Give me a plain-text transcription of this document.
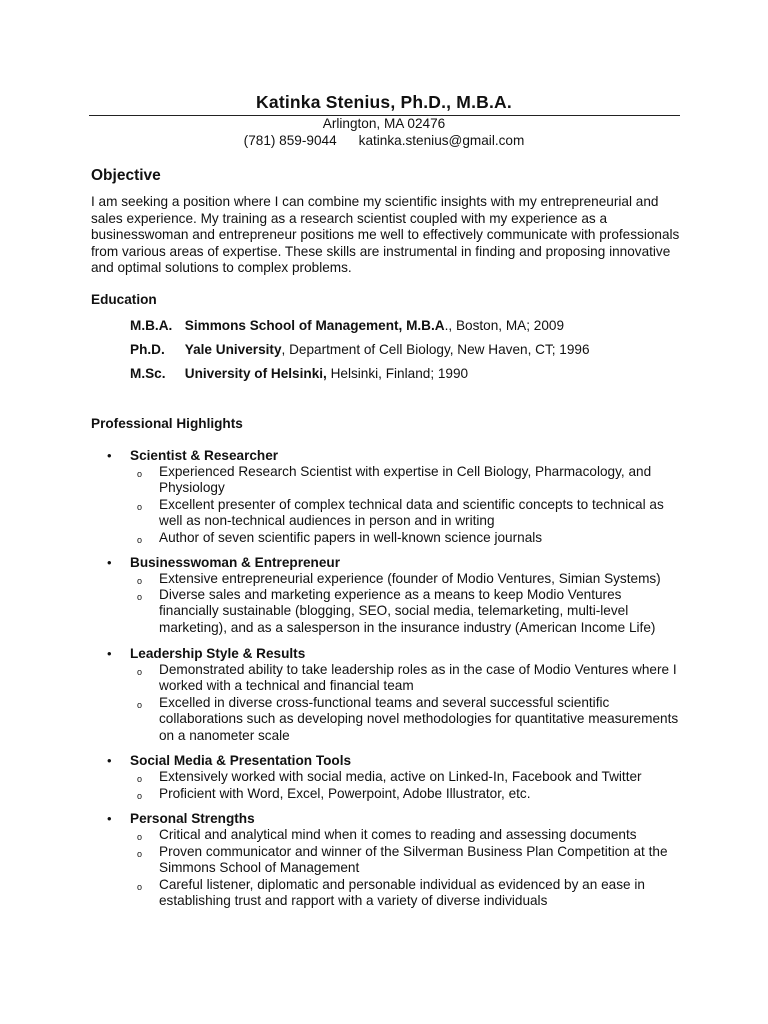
Katinka Stenius, Ph.D., M.B.A.
Arlington, MA 02476
(781) 859-9044 katinka.stenius@gmail.com
Objective
I am seeking a position where I can combine my scientific insights with my entrepreneurial and sales experience. My training as a research scientist coupled with my experience as a businesswoman and entrepreneur positions me well to effectively communicate with professionals from various areas of expertise. These skills are instrumental in finding and proposing innovative and optimal solutions to complex problems.
Education
M.B.A. Simmons School of Management, M.B.A., Boston, MA; 2009
Ph.D. Yale University, Department of Cell Biology, New Haven, CT; 1996
M.Sc. University of Helsinki, Helsinki, Finland; 1990
Professional Highlights
• Scientist & Researcher
o Experienced Research Scientist with expertise in Cell Biology, Pharmacology, and Physiology
o Excellent presenter of complex technical data and scientific concepts to technical as well as non-technical audiences in person and in writing
o Author of seven scientific papers in well-known science journals
• Businesswoman & Entrepreneur
o Extensive entrepreneurial experience (founder of Modio Ventures, Simian Systems)
o Diverse sales and marketing experience as a means to keep Modio Ventures financially sustainable (blogging, SEO, social media, telemarketing, multi-level marketing), and as a salesperson in the insurance industry (American Income Life)
• Leadership Style & Results
o Demonstrated ability to take leadership roles as in the case of Modio Ventures where I worked with a technical and financial team
o Excelled in diverse cross-functional teams and several successful scientific collaborations such as developing novel methodologies for quantitative measurements on a nanometer scale
• Social Media & Presentation Tools
o Extensively worked with social media, active on Linked-In, Facebook and Twitter
o Proficient with Word, Excel, Powerpoint, Adobe Illustrator, etc.
• Personal Strengths
o Critical and analytical mind when it comes to reading and assessing documents
o Proven communicator and winner of the Silverman Business Plan Competition at the Simmons School of Management
o Careful listener, diplomatic and personable individual as evidenced by an ease in establishing trust and rapport with a variety of diverse individuals
